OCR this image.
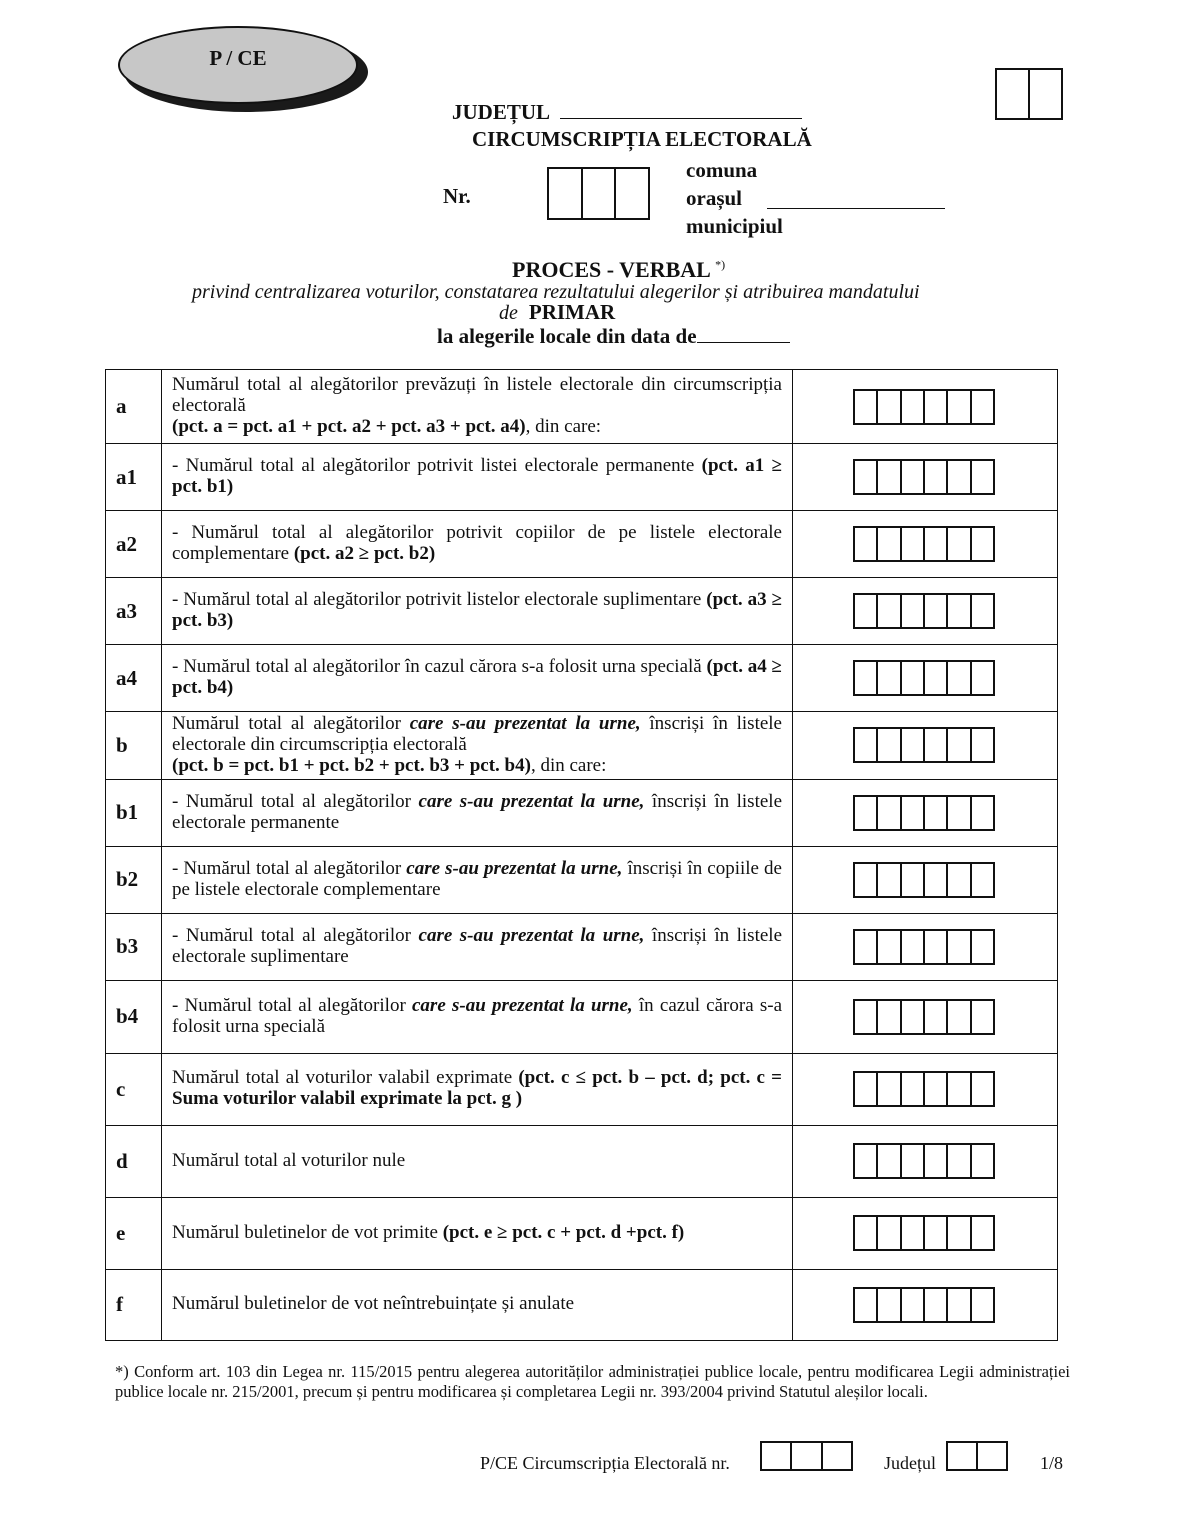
P / CE
JUDEȚUL
CIRCUMSCRIPȚIA ELECTORALĂ
Nr.
comuna
orașul
municipiul
PROCES - VERBAL *)
privind centralizarea voturilor, constatarea rezultatului alegerilor și atribuirea mandatului
de PRIMAR
la alegerile locale din data de
a	Numărul total al alegătorilor prevăzuți în listele electorale din circumscripția electorală
(pct. a = pct. a1 + pct. a2 + pct. a3 + pct. a4), din care:	

a1	- Numărul total al alegătorilor potrivit listei electorale permanente (pct. a1 ≥ pct. b1)	

a2	- Numărul total al alegătorilor potrivit copiilor de pe listele electorale complementare (pct. a2 ≥ pct. b2)	

a3	- Numărul total al alegătorilor potrivit listelor electorale suplimentare (pct. a3 ≥ pct. b3)	

a4	- Numărul total al alegătorilor în cazul cărora s-a folosit urna specială (pct. a4 ≥ pct. b4)	

b	Numărul total al alegătorilor care s-au prezentat la urne, înscriși în listele electorale din circumscripția electorală
(pct. b = pct. b1 + pct. b2 + pct. b3 + pct. b4), din care:	

b1	- Numărul total al alegătorilor care s-au prezentat la urne, înscriși în listele electorale permanente	

b2	- Numărul total al alegătorilor care s-au prezentat la urne, înscriși în copiile de pe listele electorale complementare	

b3	- Numărul total al alegătorilor care s-au prezentat la urne, înscriși în listele electorale suplimentare	

b4	- Numărul total al alegătorilor care s-au prezentat la urne, în cazul cărora s-a folosit urna specială	

c	Numărul total al voturilor valabil exprimate (pct. c ≤ pct. b – pct. d; pct. c = Suma voturilor valabil exprimate la pct. g )	

d	Numărul total al voturilor nule	

e	Numărul buletinelor de vot primite (pct. e ≥ pct. c + pct. d +pct. f)	

f	Numărul buletinelor de vot neîntrebuințate și anulate	
*) Conform art. 103 din Legea nr. 115/2015 pentru alegerea autorităților administrației publice locale, pentru modificarea Legii administrației publice locale nr. 215/2001, precum și pentru modificarea și completarea Legii nr. 393/2004 privind Statutul aleșilor locali.
P/CE Circumscripția Electorală nr.	Județul	1/8
